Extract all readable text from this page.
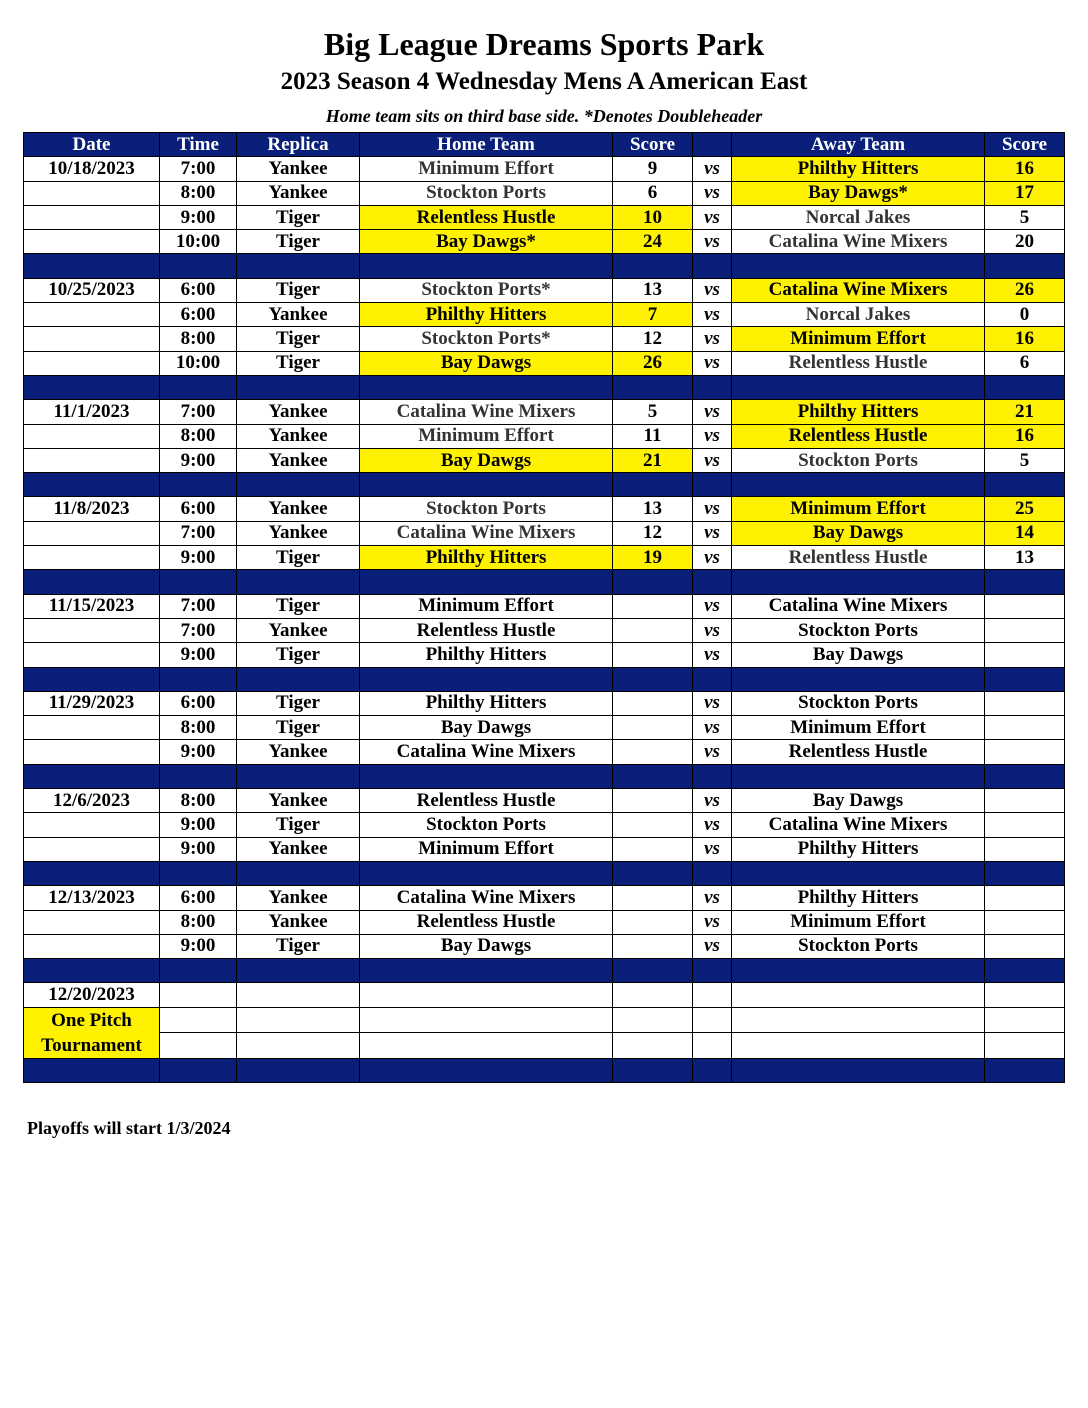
Big League Dreams Sports Park
2023 Season 4 Wednesday Mens A American East
Home team sits on third base side. *Denotes Doubleheader
Date	Time	Replica	Home Team	Score		Away Team	Score
10/18/2023	7:00	Yankee	Minimum Effort	9	vs	Philthy Hitters	16
	8:00	Yankee	Stockton Ports	6	vs	Bay Dawgs*	17
	9:00	Tiger	Relentless Hustle	10	vs	Norcal Jakes	5
	10:00	Tiger	Bay Dawgs*	24	vs	Catalina Wine Mixers	20

10/25/2023	6:00	Tiger	Stockton Ports*	13	vs	Catalina Wine Mixers	26
	6:00	Yankee	Philthy Hitters	7	vs	Norcal Jakes	0
	8:00	Tiger	Stockton Ports*	12	vs	Minimum Effort	16
	10:00	Tiger	Bay Dawgs	26	vs	Relentless Hustle	6

11/1/2023	7:00	Yankee	Catalina Wine Mixers	5	vs	Philthy Hitters	21
	8:00	Yankee	Minimum Effort	11	vs	Relentless Hustle	16
	9:00	Yankee	Bay Dawgs	21	vs	Stockton Ports	5

11/8/2023	6:00	Yankee	Stockton Ports	13	vs	Minimum Effort	25
	7:00	Yankee	Catalina Wine Mixers	12	vs	Bay Dawgs	14
	9:00	Tiger	Philthy Hitters	19	vs	Relentless Hustle	13

11/15/2023	7:00	Tiger	Minimum Effort		vs	Catalina Wine Mixers	
	7:00	Yankee	Relentless Hustle		vs	Stockton Ports	
	9:00	Tiger	Philthy Hitters		vs	Bay Dawgs	

11/29/2023	6:00	Tiger	Philthy Hitters		vs	Stockton Ports	
	8:00	Tiger	Bay Dawgs		vs	Minimum Effort	
	9:00	Yankee	Catalina Wine Mixers		vs	Relentless Hustle	

12/6/2023	8:00	Yankee	Relentless Hustle		vs	Bay Dawgs	
	9:00	Tiger	Stockton Ports		vs	Catalina Wine Mixers	
	9:00	Yankee	Minimum Effort		vs	Philthy Hitters	

12/13/2023	6:00	Yankee	Catalina Wine Mixers		vs	Philthy Hitters	
	8:00	Yankee	Relentless Hustle		vs	Minimum Effort	
	9:00	Tiger	Bay Dawgs		vs	Stockton Ports	

12/20/2023							
One Pitch Tournament							

Playoffs will start 1/3/2024
